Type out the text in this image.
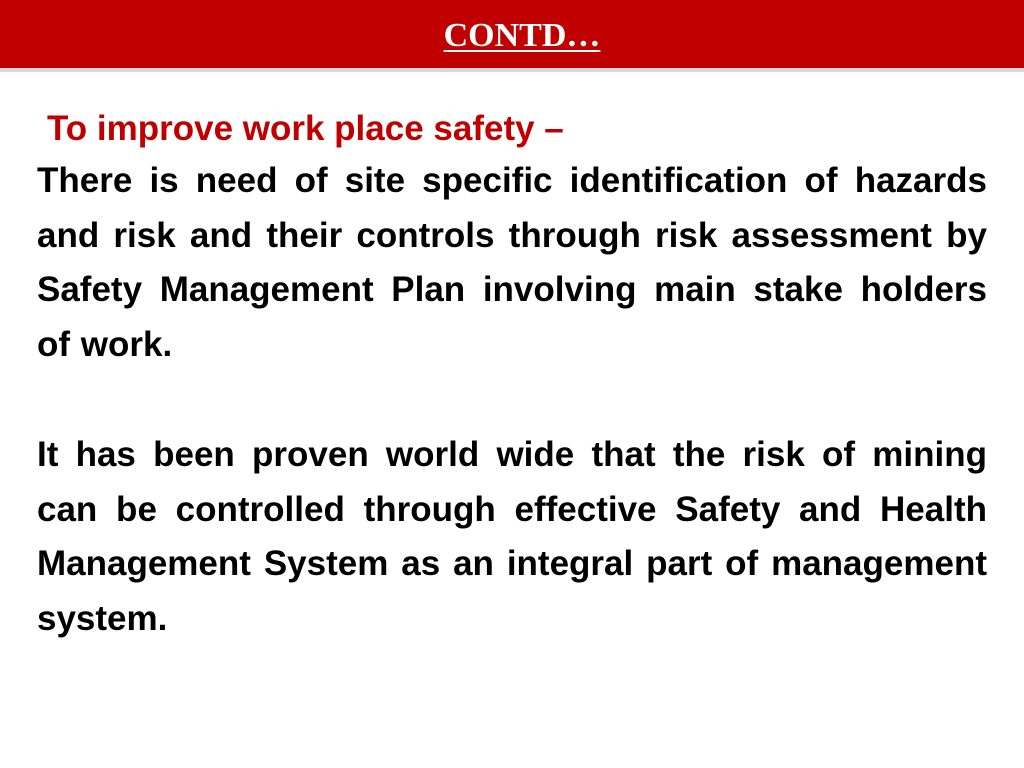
CONTD…

To improve work place safety –

There is need of site specific identification of hazards and risk and their controls through risk assessment by Safety Management Plan involving main stake holders of work.

It has been proven world wide that the risk of mining can be controlled through effective Safety and Health Management System as an integral part of management system.
